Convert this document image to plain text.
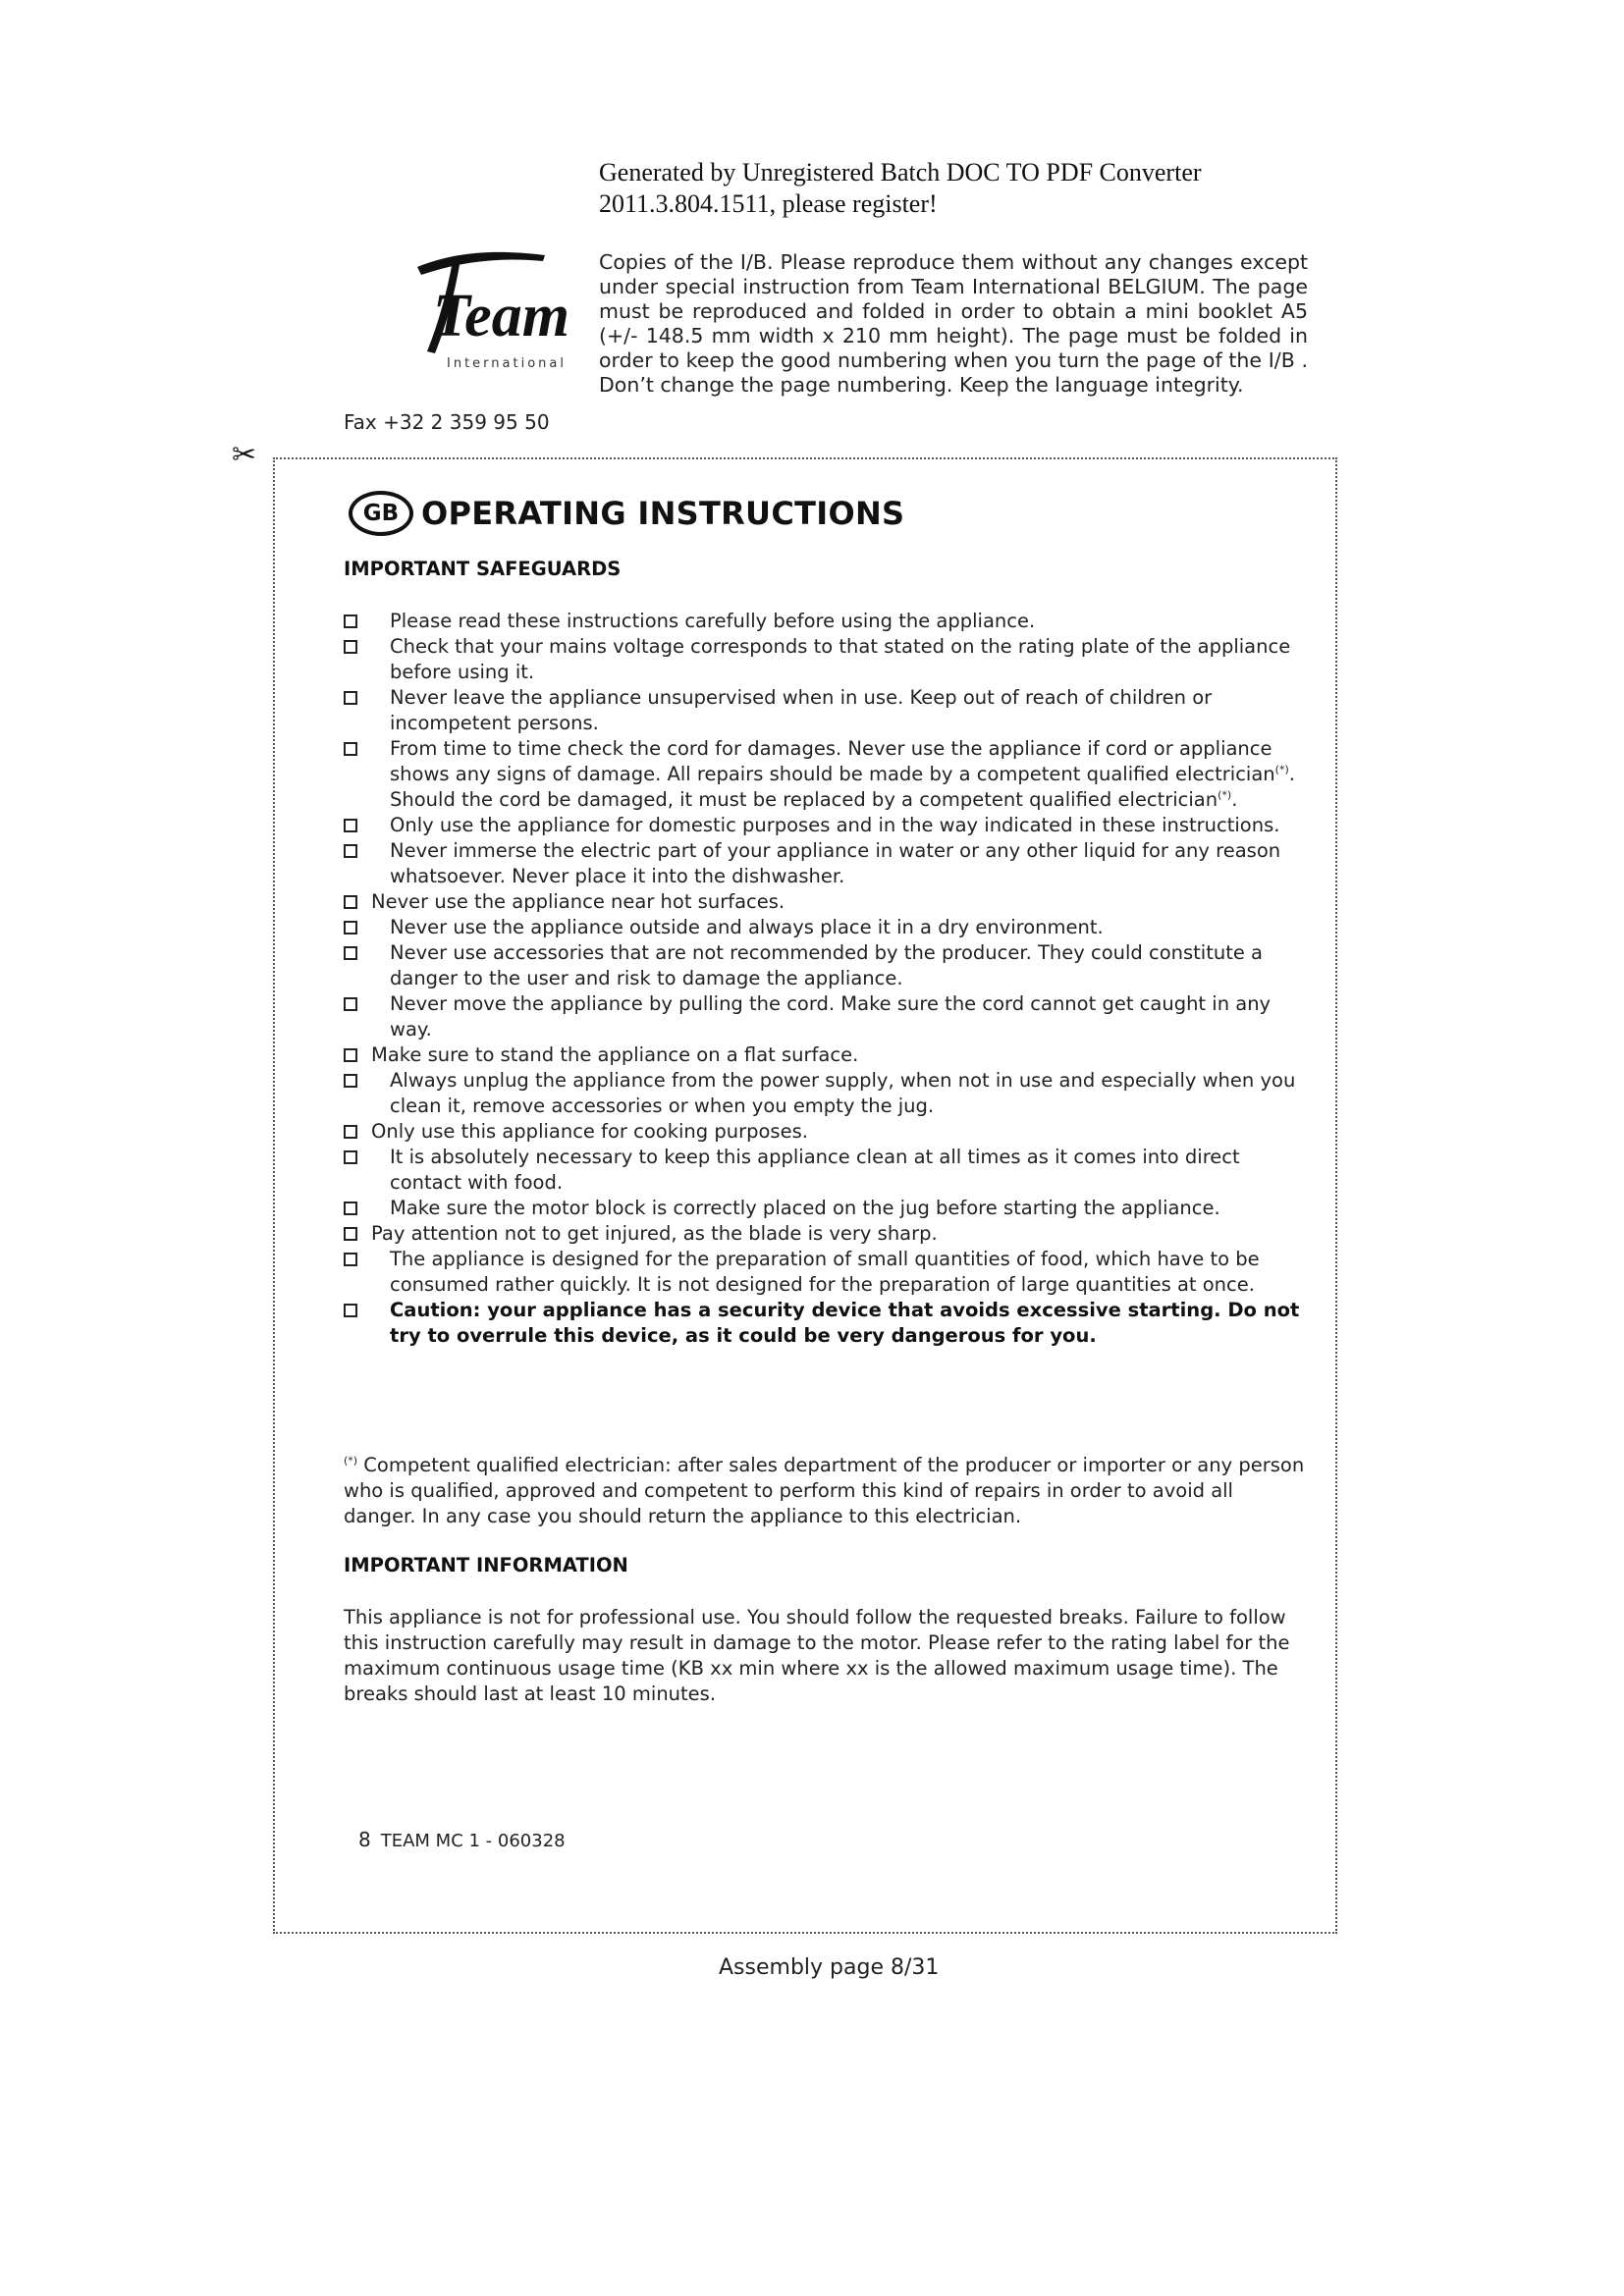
Generated by Unregistered Batch DOC TO PDF Converter 2011.3.804.1511, please register!
Team
International
Copies of the I/B. Please reproduce them without any changes except under special instruction from Team International BELGIUM. The page must be reproduced and folded in order to obtain a mini booklet A5 (+/- 148.5 mm width x 210 mm height). The page must be folded in order to keep the good numbering when you turn the page of the I/B . Don’t change the page numbering. Keep the language integrity.
Fax +32 2 359 95 50
✂
GB OPERATING INSTRUCTIONS
IMPORTANT SAFEGUARDS
Please read these instructions carefully before using the appliance.
Check that your mains voltage corresponds to that stated on the rating plate of the appliance before using it.
Never leave the appliance unsupervised when in use. Keep out of reach of children or incompetent persons.
From time to time check the cord for damages. Never use the appliance if cord or appliance shows any signs of damage. All repairs should be made by a competent qualified electrician(*). Should the cord be damaged, it must be replaced by a competent qualified electrician(*).
Only use the appliance for domestic purposes and in the way indicated in these instructions.
Never immerse the electric part of your appliance in water or any other liquid for any reason whatsoever. Never place it into the dishwasher.
Never use the appliance near hot surfaces.
Never use the appliance outside and always place it in a dry environment.
Never use accessories that are not recommended by the producer. They could constitute a danger to the user and risk to damage the appliance.
Never move the appliance by pulling the cord. Make sure the cord cannot get caught in any way.
Make sure to stand the appliance on a flat surface.
Always unplug the appliance from the power supply, when not in use and especially when you clean it, remove accessories or when you empty the jug.
Only use this appliance for cooking purposes.
It is absolutely necessary to keep this appliance clean at all times as it comes into direct contact with food.
Make sure the motor block is correctly placed on the jug before starting the appliance.
Pay attention not to get injured, as the blade is very sharp.
The appliance is designed for the preparation of small quantities of food, which have to be consumed rather quickly. It is not designed for the preparation of large quantities at once.
Caution: your appliance has a security device that avoids excessive starting. Do not try to overrule this device, as it could be very dangerous for you.
(*) Competent qualified electrician: after sales department of the producer or importer or any person who is qualified, approved and competent to perform this kind of repairs in order to avoid all danger. In any case you should return the appliance to this electrician.
IMPORTANT INFORMATION
This appliance is not for professional use. You should follow the requested breaks. Failure to follow this instruction carefully may result in damage to the motor. Please refer to the rating label for the maximum continuous usage time (KB xx min where xx is the allowed maximum usage time). The breaks should last at least 10 minutes.
8 TEAM MC 1 - 060328
Assembly page 8/31
